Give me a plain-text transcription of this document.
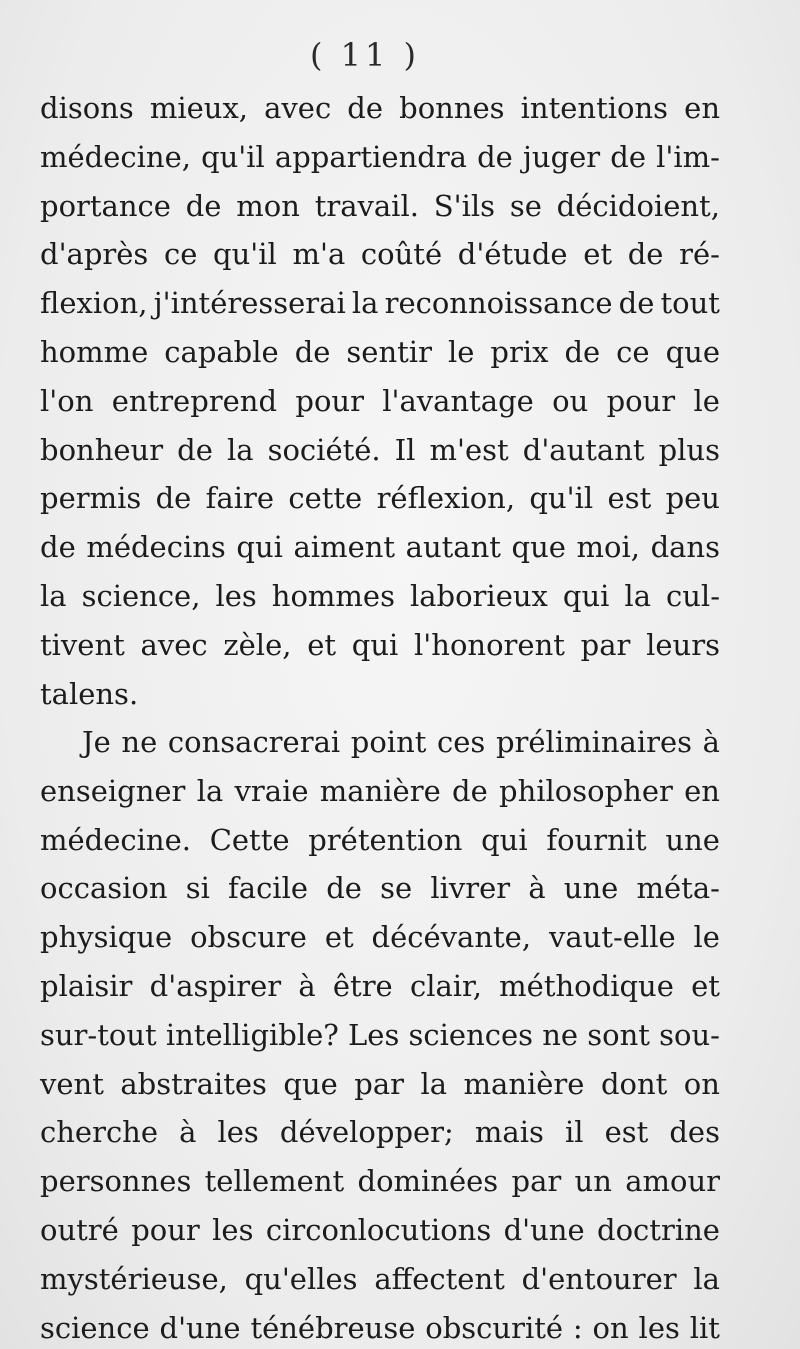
( 11 )
disons mieux, avec de bonnes intentions en
médecine, qu'il appartiendra de juger de l'im-
portance de mon travail. S'ils se décidoient,
d'après ce qu'il m'a coûté d'étude et de ré-
flexion, j'intéresserai la reconnoissance de tout
homme capable de sentir le prix de ce que
l'on entreprend pour l'avantage ou pour le
bonheur de la société. Il m'est d'autant plus
permis de faire cette réflexion, qu'il est peu
de médecins qui aiment autant que moi, dans
la science, les hommes laborieux qui la cul-
tivent avec zèle, et qui l'honorent par leurs
talens.
Je ne consacrerai point ces préliminaires à
enseigner la vraie manière de philosopher en
médecine. Cette prétention qui fournit une
occasion si facile de se livrer à une méta-
physique obscure et décévante, vaut-elle le
plaisir d'aspirer à être clair, méthodique et
sur-tout intelligible? Les sciences ne sont sou-
vent abstraites que par la manière dont on
cherche à les développer; mais il est des
personnes tellement dominées par un amour
outré pour les circonlocutions d'une doctrine
mystérieuse, qu'elles affectent d'entourer la
science d'une ténébreuse obscurité : on les lit
